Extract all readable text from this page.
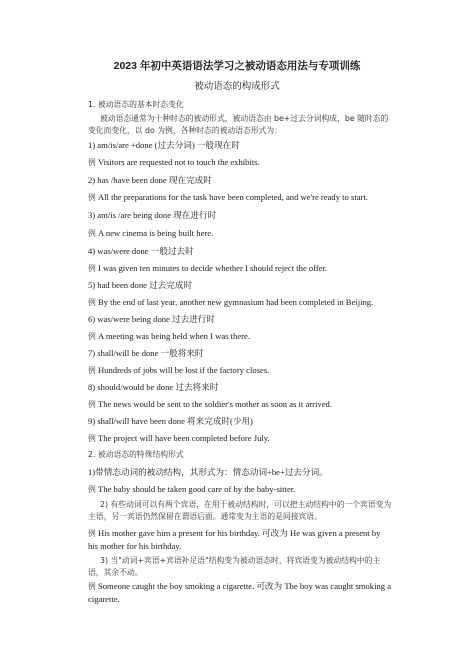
2023 年初中英语语法学习之被动语态用法与专项训练
被动语态的构成形式
1. 被动语态的基本时态变化
被动语态通常为十种时态的被动形式，被动语态由 be+过去分词构成，be 随时态的变化而变化，以 do 为例，各种时态的被动语态形式为：
1) am/is/are +done (过去分词) 一般现在时
例 Visitors are requested not to touch the exhibits.
2) has /have been done 现在完成时
例 All the preparations for the task have been completed, and we're ready to start.
3) am/is /are being done 现在进行时
例 A new cinema is being built here.
4) was/were done 一般过去时
例 I was given ten minutes to decide whether I should reject the offer.
5) had been done 过去完成时
例 By the end of last year, another new gymnasium had been completed in Beijing.
6) was/were being done 过去进行时
例 A meeting was being held when I was there.
7) shall/will be done 一般将来时
例 Hundreds of jobs will be lost if the factory closes.
8) should/would be done 过去将来时
例 The news would be sent to the soldier's mother as soon as it arrived.
9) shall/will have been done 将来完成时(少用)
例 The project will have been completed before July.
2. 被动语态的特殊结构形式
1)带情态动词的被动结构，其形式为：情态动词+be+过去分词。
例 The baby should be taken good care of by the baby-sitter.
2) 有些动词可以有两个宾语，在用于被动结构时，可以把主动结构中的一个宾语变为主语，另一宾语仍然保留在谓语后面。通常变为主语的是间接宾语。
例 His mother gave him a present for his birthday. 可改为 He was given a present by his mother for his birthday.
3) 当"动词+宾语+宾语补足语"结构变为被动语态时，将宾语变为被动结构中的主语，其余不动。
例 Someone caught the boy smoking a cigarette. 可改为 The boy was caught smoking a cigarette.
